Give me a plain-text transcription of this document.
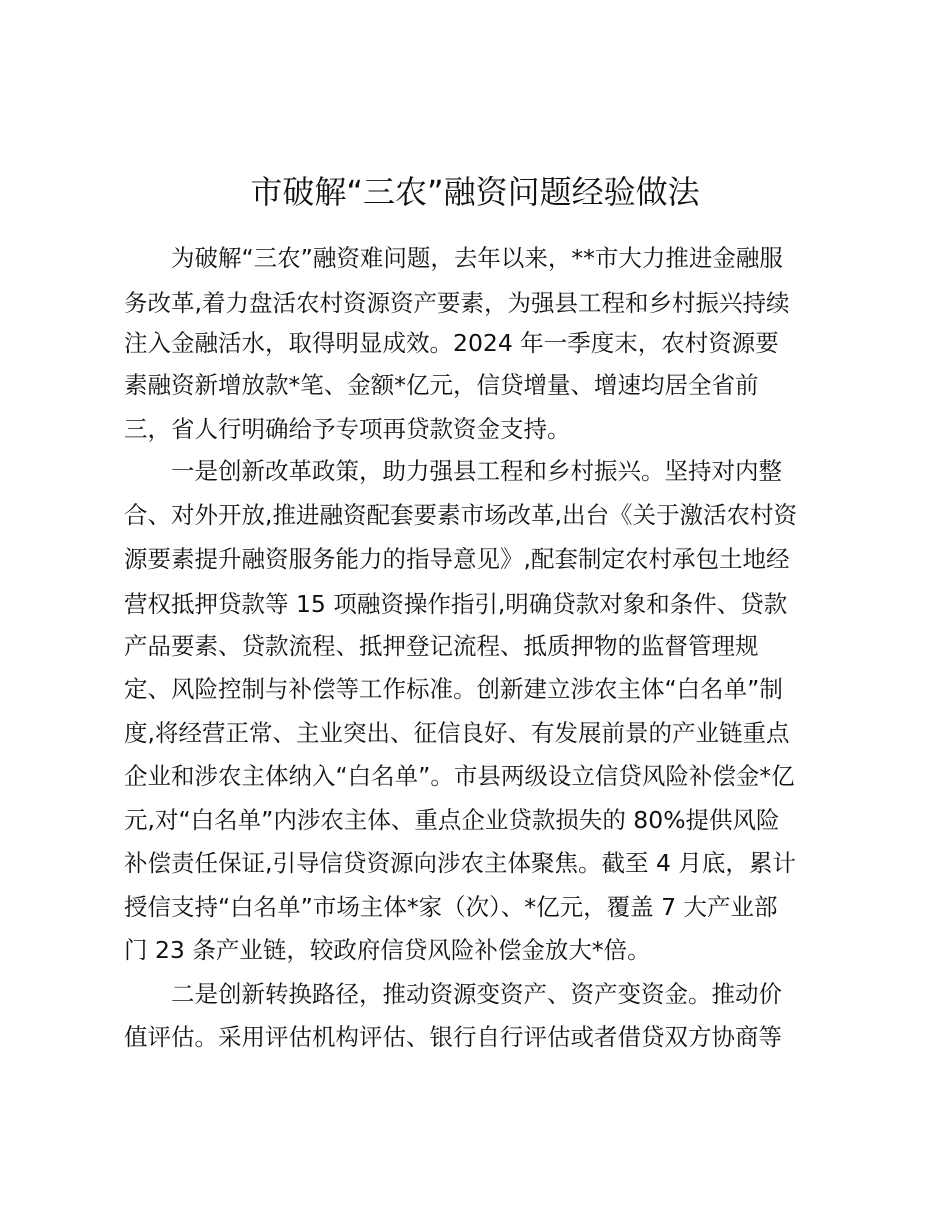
市破解“三农”融资问题经验做法

　　为破解“三农”融资难问题，去年以来，**市大力推进金融服

务改革,着力盘活农村资源资产要素，为强县工程和乡村振兴持续

注入金融活水，取得明显成效。2024 年一季度末，农村资源要

素融资新增放款*笔、金额*亿元，信贷增量、增速均居全省前

三，省人行明确给予专项再贷款资金支持。

　　一是创新改革政策，助力强县工程和乡村振兴。坚持对内整

合、对外开放,推进融资配套要素市场改革,出台《关于激活农村资

源要素提升融资服务能力的指导意见》,配套制定农村承包土地经

营权抵押贷款等 15 项融资操作指引,明确贷款对象和条件、贷款

产品要素、贷款流程、抵押登记流程、抵质押物的监督管理规

定、风险控制与补偿等工作标准。创新建立涉农主体“白名单”制

度,将经营正常、主业突出、征信良好、有发展前景的产业链重点

企业和涉农主体纳入“白名单”。市县两级设立信贷风险补偿金*亿

元,对“白名单”内涉农主体、重点企业贷款损失的 80%提供风险

补偿责任保证,引导信贷资源向涉农主体聚焦。截至 4 月底，累计

授信支持“白名单”市场主体*家（次）、*亿元，覆盖 7 大产业部

门 23 条产业链，较政府信贷风险补偿金放大*倍。

　　二是创新转换路径，推动资源变资产、资产变资金。推动价

值评估。采用评估机构评估、银行自行评估或者借贷双方协商等
